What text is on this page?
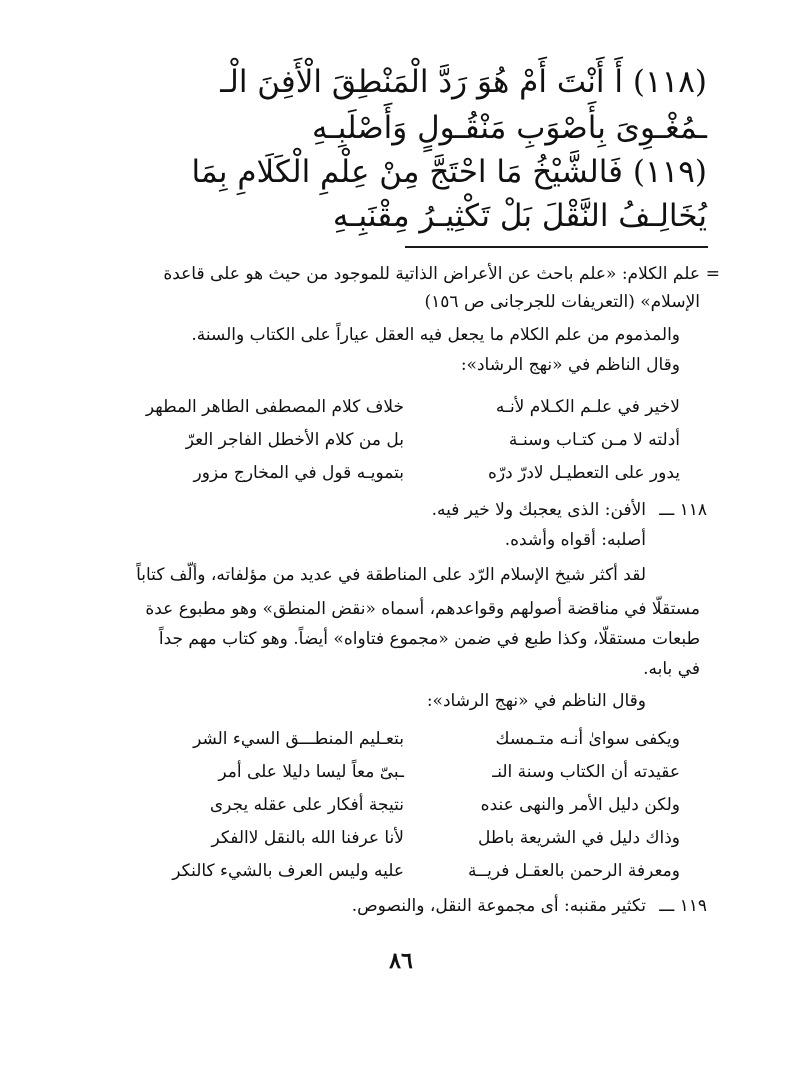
(١١٨) أَ أَنْتَ أَمْ هُوَ رَدَّ الْمَنْطِقَ الْأَفِنَ الْـ
ـمُغْـوِىَ بِأَصْوَبِ مَنْقُـولٍ وَأَصْلَبِـهِ
(١١٩) فَالشَّيْخُ مَا احْتَجَّ مِنْ عِلْمِ الْكَلَامِ بِمَا
يُخَالِـفُ النَّقْلَ بَلْ تَكْثِيـرُ مِقْنَبِـهِ
=
علم الكلام: «علم باحث عن الأعراض الذاتية للموجود من حيث هو على قاعدة
الإسلام» (التعريفات للجرجانى ص ١٥٦)
والمذموم من علم الكلام ما يجعل فيه العقل عياراً على الكتاب والسنة.
وقال الناظم في «نهج الرشاد»:
لاخير في علـم الكـلام لأنـه
خلاف كلام المصطفى الطاهر المطهر
أدلته لا مـن كتـاب وسنـة
بل من كلام الأخطل الفاجر العرّ
يدور على التعطيـل لادرّ درّه
بتمويـه قول في المخارج مزور
١١٨ ـــ
الأفن: الذى يعجبك ولا خير فيه.
أصلبه: أقواه وأشده.
لقد أكثر شيخ الإسلام الرّد على المناطقة في عديد من مؤلفاته، وألّف كتاباً
مستقلّا في مناقضة أصولهم وقواعدهم، أسماه «نقض المنطق» وهو مطبوع عدة
طبعات مستقلّا، وكذا طبع في ضمن «مجموع فتاواه» أيضاً. وهو كتاب مهم جداً
في بابه.
وقال الناظم في «نهج الرشاد»:
ويكفى سواىٰ أنـه متـمسك
بتعـليم المنطـــق السيء الشر
عقيدته أن الكتاب وسنة النـ
ـبىّ معاً ليسا دليلا على أمر
ولكن دليل الأمر والنهى عنده
نتيجة أفكار على عقله يجرى
وذاك دليل في الشريعة باطل
لأنا عرفنا الله بالنقل لاالفكر
ومعرفة الرحمن بالعقـل فريــة
عليه وليس العرف بالشيء كالنكر
١١٩ ـــ
تكثير مقنبه: أى مجموعة النقل، والنصوص.
٨٦
